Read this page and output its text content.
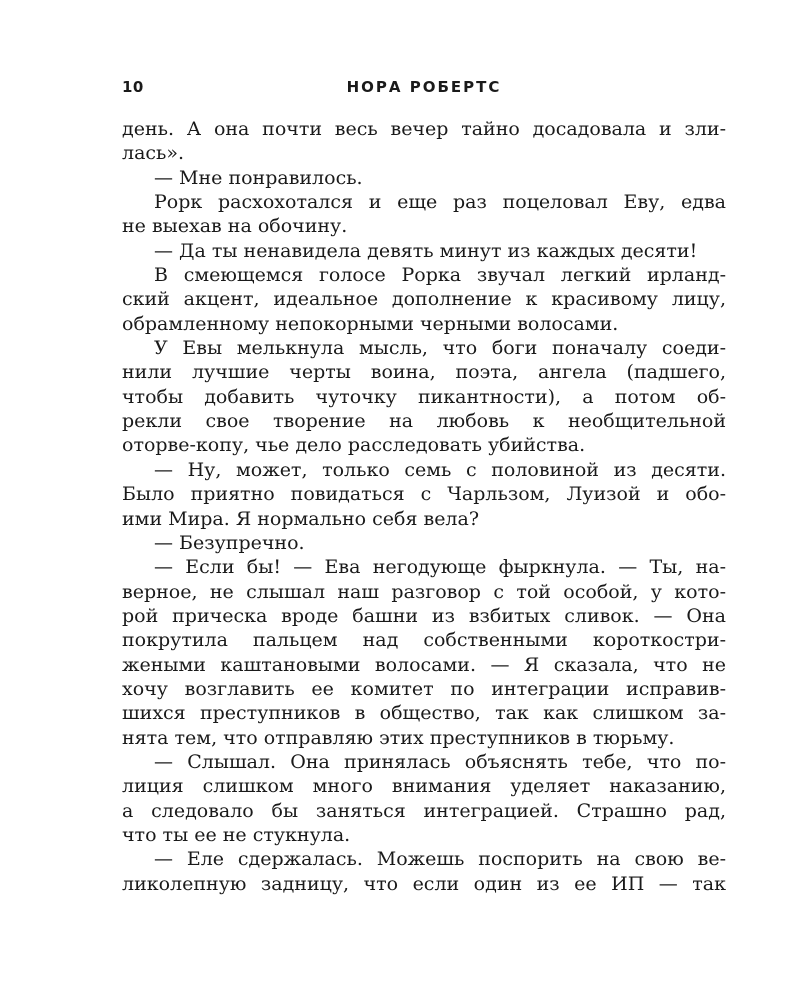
10	НОРА РОБЕРТС
день. А она почти весь вечер тайно досадовала и зли-
лась».
— Мне понравилось.
Рорк расхохотался и еще раз поцеловал Еву, едва
не выехав на обочину.
— Да ты ненавидела девять минут из каждых десяти!
В смеющемся голосе Рорка звучал легкий ирланд-
ский акцент, идеальное дополнение к красивому лицу,
обрамленному непокорными черными волосами.
У Евы мелькнула мысль, что боги поначалу соеди-
нили лучшие черты воина, поэта, ангела (падшего,
чтобы добавить чуточку пикантности), а потом об-
рекли свое творение на любовь к необщительной
оторве-копу, чье дело расследовать убийства.
— Ну, может, только семь с половиной из десяти.
Было приятно повидаться с Чарльзом, Луизой и обо-
ими Мира. Я нормально себя вела?
— Безупречно.
— Если бы! — Ева негодующе фыркнула. — Ты, на-
верное, не слышал наш разговор с той особой, у кото-
рой прическа вроде башни из взбитых сливок. — Она
покрутила пальцем над собственными короткостри-
жеными каштановыми волосами. — Я сказала, что не
хочу возглавить ее комитет по интеграции исправив-
шихся преступников в общество, так как слишком за-
нята тем, что отправляю этих преступников в тюрьму.
— Слышал. Она принялась объяснять тебе, что по-
лиция слишком много внимания уделяет наказанию,
а следовало бы заняться интеграцией. Страшно рад,
что ты ее не стукнула.
— Еле сдержалась. Можешь поспорить на свою ве-
ликолепную задницу, что если один из ее ИП — так
